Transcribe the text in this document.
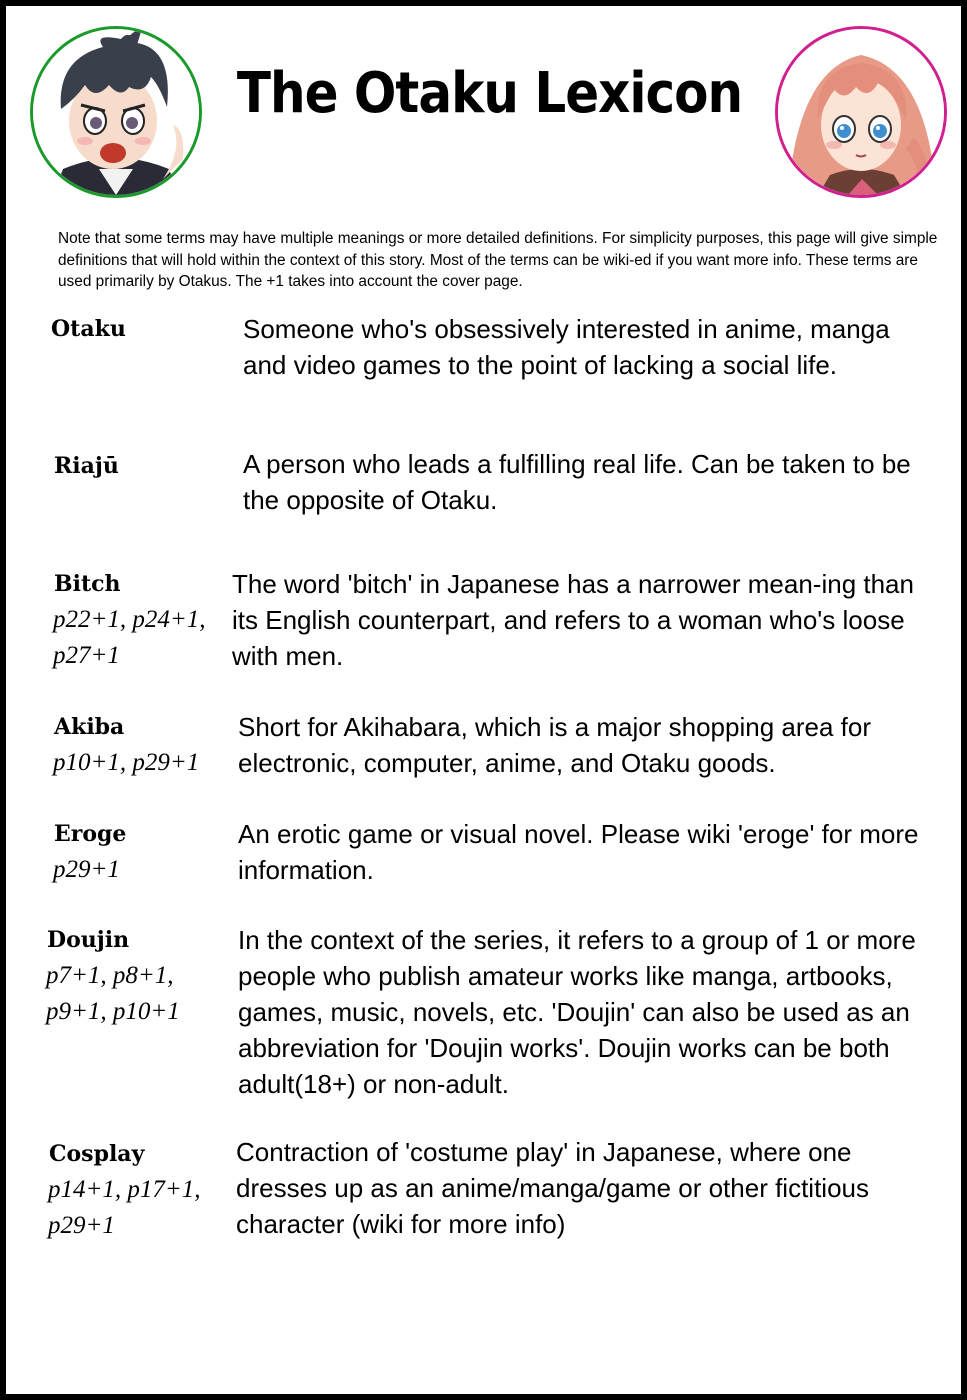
The Otaku Lexicon
Note that some terms may have multiple meanings or more detailed definitions. For simplicity purposes, this page will give simple definitions that will hold within the context of this story. Most of the terms can be wiki-ed if you want more info. These terms are used primarily by Otakus. The +1 takes into account the cover page.
Otaku	Someone who's obsessively interested in anime, manga and video games to the point of lacking a social life.
Riajū	A person who leads a fulfilling real life. Can be taken to be the opposite of Otaku.
Bitch
p22+1, p24+1,
p27+1
The word 'bitch' in Japanese has a narrower mean-ing than its English counterpart, and refers to a woman who's loose with men.
Akiba
p10+1, p29+1
Short for Akihabara, which is a major shopping area for electronic, computer, anime, and Otaku goods.
Eroge
p29+1
An erotic game or visual novel. Please wiki 'eroge' for more information.
Doujin
p7+1, p8+1,
p9+1, p10+1
In the context of the series, it refers to a group of 1 or more people who publish amateur works like manga, artbooks, games, music, novels, etc. 'Doujin' can also be used as an abbreviation for 'Doujin works'. Doujin works can be both adult(18+) or non-adult.
Cosplay
p14+1, p17+1,
p29+1
Contraction of 'costume play' in Japanese, where one dresses up as an anime/manga/game or other fictitious character (wiki for more info)
